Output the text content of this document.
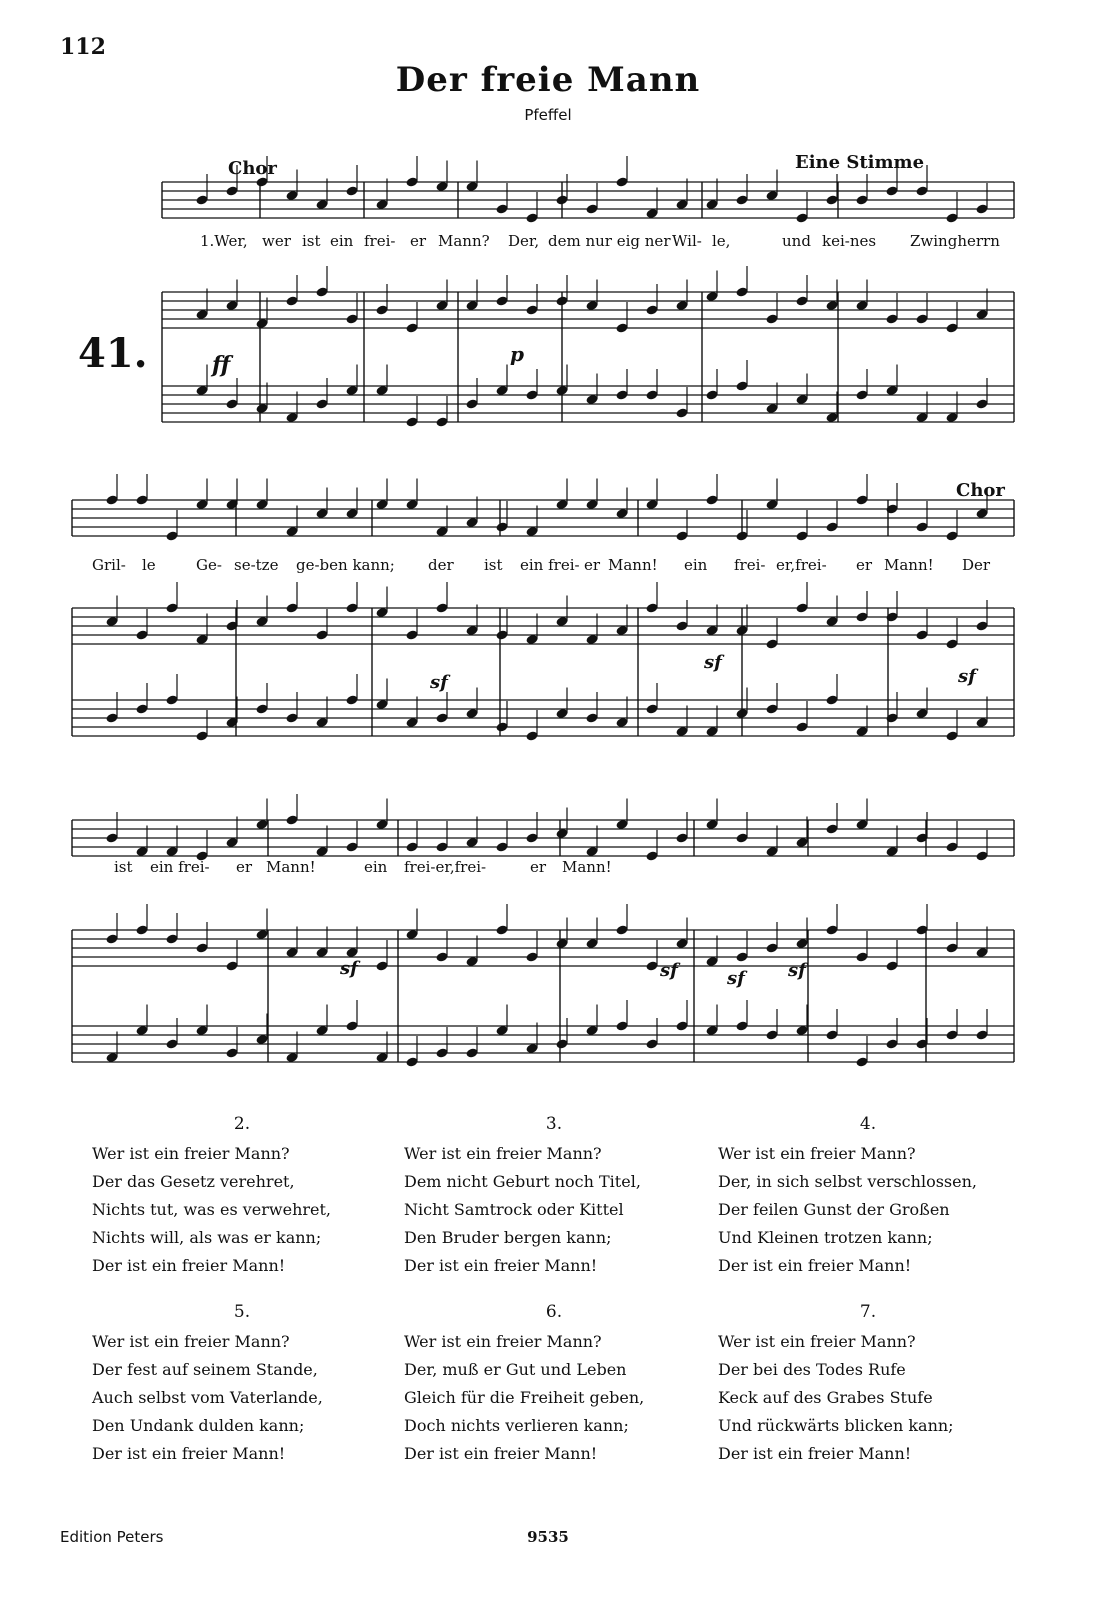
112
Der freie Mann
Pfeffel
Chor	Eine Stimme
Chor
41.	ff	p
sf
sf
sf
sf	sf	sf sf
1.Wer, wer ist ein frei- er Mann? Der, dem nur eig ner Wil- le,	und kei-nes Zwingherrn
Gril- le	Ge- se-tze ge-ben kann; der ist ein frei- er Mann! ein frei- er,frei- er Mann! Der
ist ein frei- er Mann!	ein frei-er,frei-	er Mann!
2.
Wer ist ein freier Mann?
Der das Gesetz verehret,
Nichts tut, was es verwehret,
Nichts will, als was er kann;
Der ist ein freier Mann!
3.
Wer ist ein freier Mann?
Dem nicht Geburt noch Titel,
Nicht Samtrock oder Kittel
Den Bruder bergen kann;
Der ist ein freier Mann!
4.
Wer ist ein freier Mann?
Der, in sich selbst verschlossen,
Der feilen Gunst der Großen
Und Kleinen trotzen kann;
Der ist ein freier Mann!
5.
Wer ist ein freier Mann?
Der fest auf seinem Stande,
Auch selbst vom Vaterlande,
Den Undank dulden kann;
Der ist ein freier Mann!
6.
Wer ist ein freier Mann?
Der, muß er Gut und Leben
Gleich für die Freiheit geben,
Doch nichts verlieren kann;
Der ist ein freier Mann!
7.
Wer ist ein freier Mann?
Der bei des Todes Rufe
Keck auf des Grabes Stufe
Und rückwärts blicken kann;
Der ist ein freier Mann!
Edition Peters	9535
